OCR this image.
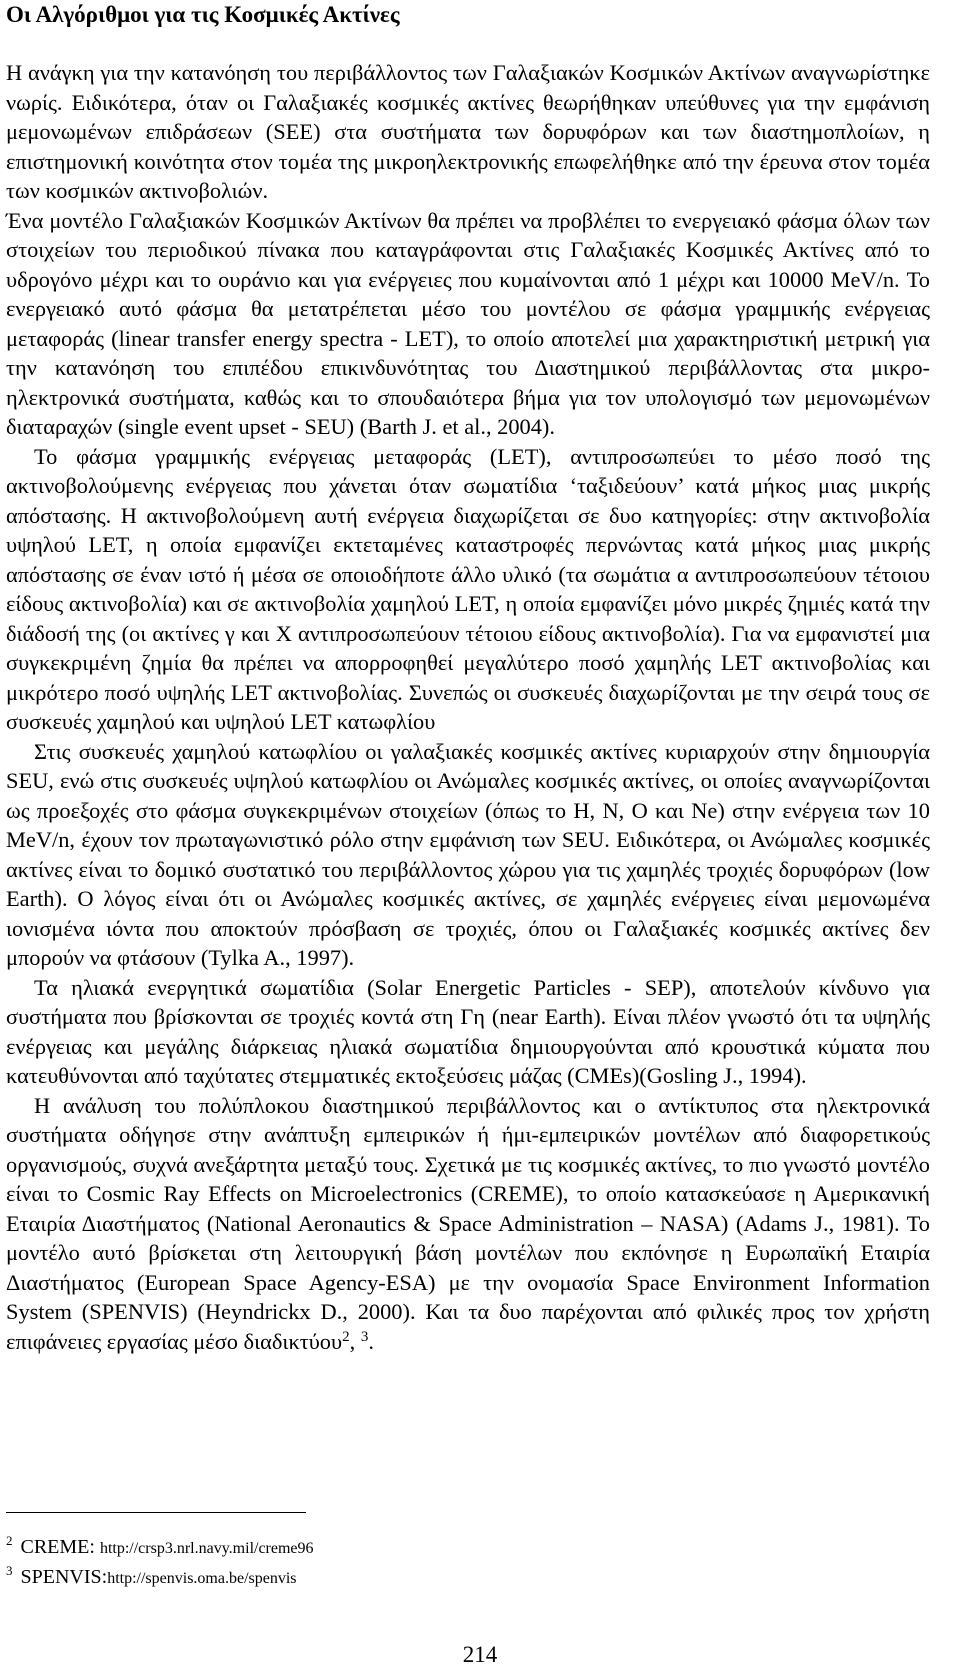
Οι Αλγόριθμοι για τις Κοσμικές Ακτίνες

Η ανάγκη για την κατανόηση του περιβάλλοντος των Γαλαξιακών Κοσμικών Ακτίνων αναγνωρίστηκε νωρίς. Ειδικότερα, όταν οι Γαλαξιακές κοσμικές ακτίνες θεωρήθηκαν υπεύθυνες για την εμφάνιση μεμονωμένων επιδράσεων (SEE) στα συστήματα των δορυφόρων και των διαστημοπλοίων, η επιστημονική κοινότητα στον τομέα της μικροηλεκτρονικής επωφελήθηκε από την έρευνα στον τομέα των κοσμικών ακτινοβολιών.

Ένα μοντέλο Γαλαξιακών Κοσμικών Ακτίνων θα πρέπει να προβλέπει το ενεργειακό φάσμα όλων των στοιχείων του περιοδικού πίνακα που καταγράφονται στις Γαλαξιακές Κοσμικές Ακτίνες από το υδρογόνο μέχρι και το ουράνιο και για ενέργειες που κυμαίνονται από 1 μέχρι και 10000 MeV/n. Το ενεργειακό αυτό φάσμα θα μετατρέπεται μέσο του μοντέλου σε φάσμα γραμμικής ενέργειας μεταφοράς (linear transfer energy spectra - LET), το οποίο αποτελεί μια χαρακτηριστική μετρική για την κατανόηση του επιπέδου επικινδυνότητας του Διαστημικού περιβάλλοντας στα μικρο-ηλεκτρονικά συστήματα, καθώς και το σπουδαιότερα βήμα για τον υπολογισμό των μεμονωμένων διαταραχών (single event upset - SEU) (Barth J. et al., 2004).

Το φάσμα γραμμικής ενέργειας μεταφοράς (LET), αντιπροσωπεύει το μέσο ποσό της ακτινοβολούμενης ενέργειας που χάνεται όταν σωματίδια ‘ταξιδεύουν’ κατά μήκος μιας μικρής απόστασης. Η ακτινοβολούμενη αυτή ενέργεια διαχωρίζεται σε δυο κατηγορίες: στην ακτινοβολία υψηλού LET, η οποία εμφανίζει εκτεταμένες καταστροφές περνώντας κατά μήκος μιας μικρής απόστασης σε έναν ιστό ή μέσα σε οποιοδήποτε άλλο υλικό (τα σωμάτια α αντιπροσωπεύουν τέτοιου είδους ακτινοβολία) και σε ακτινοβολία χαμηλού LET, η οποία εμφανίζει μόνο μικρές ζημιές κατά την διάδοσή της (οι ακτίνες γ και Χ αντιπροσωπεύουν τέτοιου είδους ακτινοβολία). Για να εμφανιστεί μια συγκεκριμένη ζημία θα πρέπει να απορροφηθεί μεγαλύτερο ποσό χαμηλής LET ακτινοβολίας και μικρότερο ποσό υψηλής LET ακτινοβολίας. Συνεπώς οι συσκευές διαχωρίζονται με την σειρά τους σε συσκευές χαμηλού και υψηλού LET κατωφλίου

Στις συσκευές χαμηλού κατωφλίου οι γαλαξιακές κοσμικές ακτίνες κυριαρχούν στην δημιουργία SEU, ενώ στις συσκευές υψηλού κατωφλίου οι Ανώμαλες κοσμικές ακτίνες, οι οποίες αναγνωρίζονται ως προεξοχές στο φάσμα συγκεκριμένων στοιχείων (όπως το H, N, O και Ne) στην ενέργεια των 10 MeV/n, έχουν τον πρωταγωνιστικό ρόλο στην εμφάνιση των SEU. Ειδικότερα, οι Ανώμαλες κοσμικές ακτίνες είναι το δομικό συστατικό του περιβάλλοντος χώρου για τις χαμηλές τροχιές δορυφόρων (low Earth). Ο λόγος είναι ότι οι Ανώμαλες κοσμικές ακτίνες, σε χαμηλές ενέργειες είναι μεμονωμένα ιονισμένα ιόντα που αποκτούν πρόσβαση σε τροχιές, όπου οι Γαλαξιακές κοσμικές ακτίνες δεν μπορούν να φτάσουν (Tylka A., 1997).

Τα ηλιακά ενεργητικά σωματίδια (Solar Energetic Particles - SEP), αποτελούν κίνδυνο για συστήματα που βρίσκονται σε τροχιές κοντά στη Γη (near Earth). Είναι πλέον γνωστό ότι τα υψηλής ενέργειας και μεγάλης διάρκειας ηλιακά σωματίδια δημιουργούνται από κρουστικά κύματα που κατευθύνονται από ταχύτατες στεμματικές εκτοξεύσεις μάζας (CMEs)(Gosling J., 1994).

Η ανάλυση του πολύπλοκου διαστημικού περιβάλλοντος και ο αντίκτυπος στα ηλεκτρονικά συστήματα οδήγησε στην ανάπτυξη εμπειρικών ή ήμι-εμπειρικών μοντέλων από διαφορετικούς οργανισμούς, συχνά ανεξάρτητα μεταξύ τους. Σχετικά με τις κοσμικές ακτίνες, το πιο γνωστό μοντέλο είναι το Cosmic Ray Effects on Microelectronics (CREME), το οποίο κατασκεύασε η Αμερικανική Εταιρία Διαστήματος (National Aeronautics & Space Administration – NASA) (Adams J., 1981). Το μοντέλο αυτό βρίσκεται στη λειτουργική βάση μοντέλων που εκπόνησε η Ευρωπαϊκή Εταιρία Διαστήματος (European Space Agency-ESA) με την ονομασία Space Environment Information System (SPENVIS) (Heyndrickx D., 2000). Και τα δυο παρέχονται από φιλικές προς τον χρήστη επιφάνειες εργασίας μέσο διαδικτύου$^2$, $^3$.

$^2$ CREME: http://crsp3.nrl.navy.mil/creme96
$^3$ SPENVIS:http://spenvis.oma.be/spenvis
214
